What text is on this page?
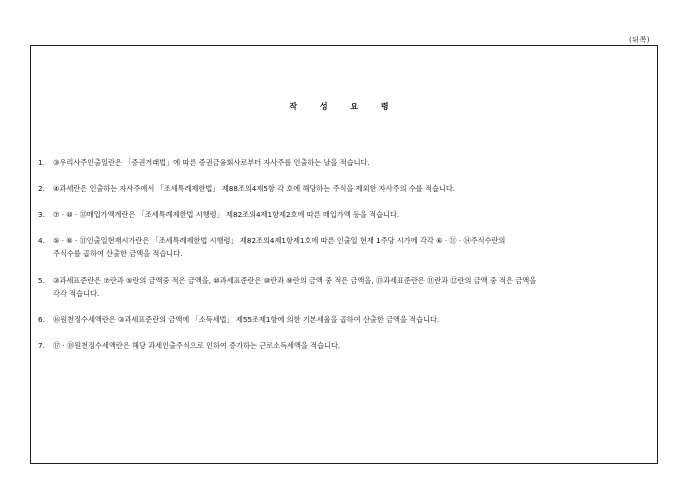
(뒤쪽)
작 성 요 령
1. ③우리사주인출일란은 「증권거래법」에 따른 증권금융회사로부터 자사주를 인출하는 날을 적습니다.
2. ④과세란은 인출하는 자사주에서 「조세특례제한법」 제88조의4제5항 각 호에 해당하는 주식을 제외한 자사주의 수를 적습니다.
3. ⑦ · ⑩ · ⑬매입가액계란은 「조세특례제한법 시행령」 제82조의4제1항제2호에 따른 매입가액 등을 적습니다.
4. ⑤ · ⑧ · ⑪인출일현재시가란은 「조세특례제한법 시행령」 제82조의4제1항제1호에 따른 인출일 현재 1주당 시가에 각각 ⑥ · ⑪ · ⑭주식수란의
주식수를 곱하여 산출한 금액을 적습니다.
5. ③과세표준란은 ⑦란과 ⑤란의 금액중 적은 금액을, ⑩과세표준란은 ⑩란과 ⑨란의 금액 중 적은 금액을, ⑬과세표준란은 ⑪란과 ⑫란의 금액 중 적은 금액을
각각 적습니다.
6. ⑯원천징수세액란은 ③과세표준란의 금액에 「소득세법」 제55조제1항에 의한 기본세율을 곱하여 산출한 금액을 적습니다.
7. ⑰ · ⑱원천징수세액란은 해당 과세인출주식으로 인하여 증가하는 근로소득세액을 적습니다.
